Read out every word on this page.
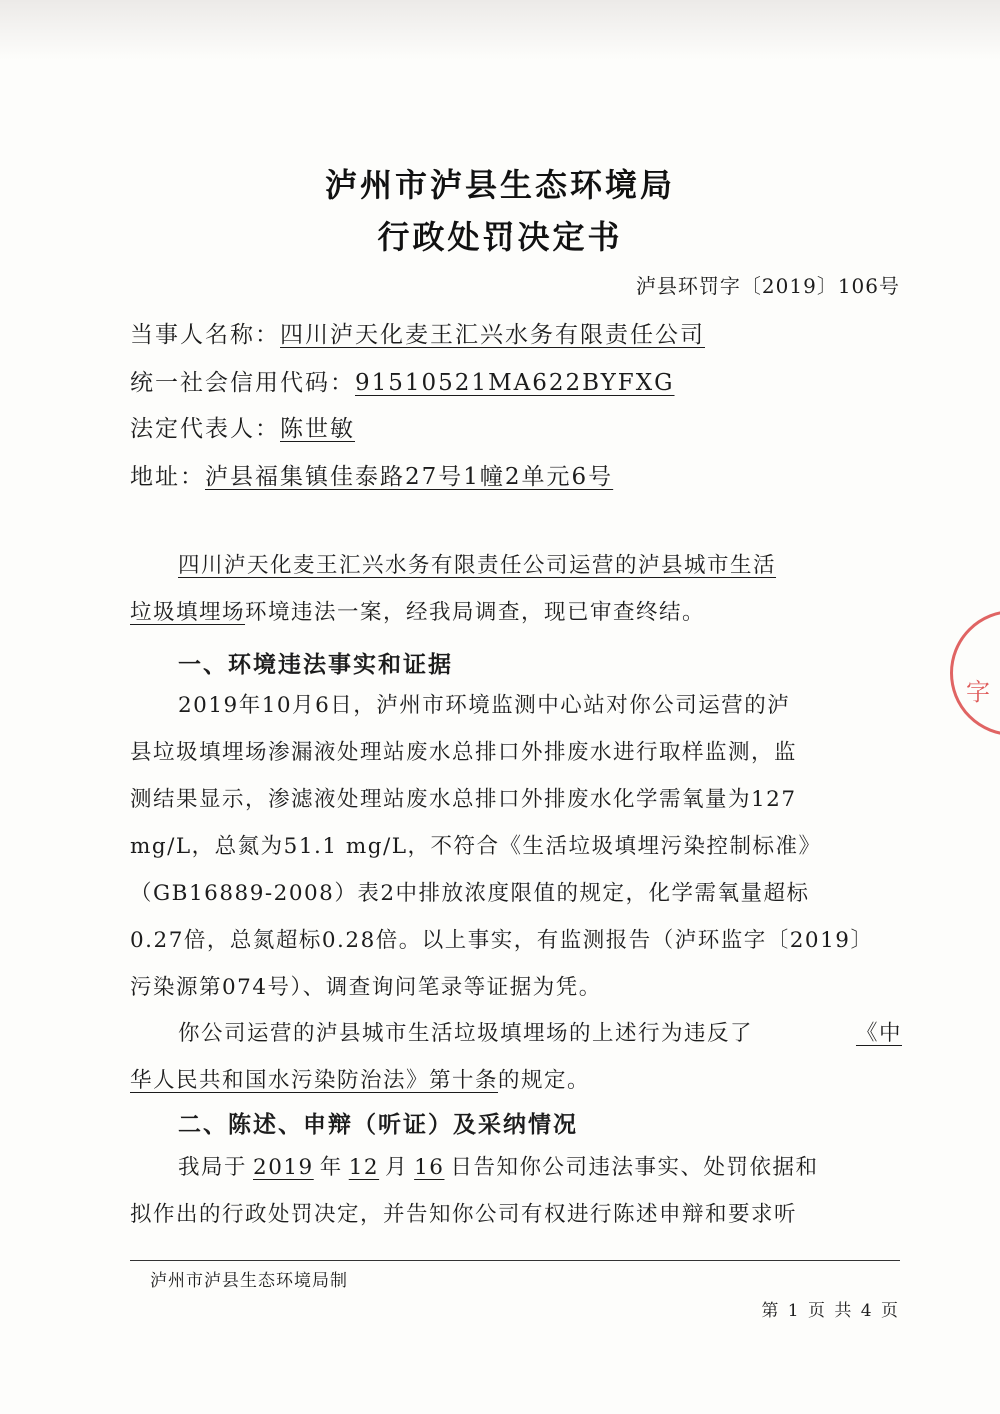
泸州市泸县生态环境局
行政处罚决定书
泸县环罚字〔2019〕106号
当事人名称：四川泸天化麦王汇兴水务有限责任公司
统一社会信用代码：91510521MA622BYFXG
法定代表人：陈世敏
地址：泸县福集镇佳泰路27号1幢2单元6号
四川泸天化麦王汇兴水务有限责任公司运营的泸县城市生活
垃圾填埋场 环境违法一案，经我局调查，现已审查终结。
一、环境违法事实和证据
2019年10月6日，泸州市环境监测中心站对你公司运营的泸
县垃圾填埋场渗漏液处理站废水总排口外排废水进行取样监测，监
测结果显示，渗滤液处理站废水总排口外排废水化学需氧量为127
mg/L，总氮为51.1 mg/L，不符合《生活垃圾填埋污染控制标准》
（GB16889-2008）表2中排放浓度限值的规定，化学需氧量超标
0.27倍，总氮超标0.28倍。以上事实，有监测报告（泸环监字〔2019〕
污染源第074号）、调查询问笔录等证据为凭。
你公司运营的泸县城市生活垃圾填埋场的上述行为违反了	《中
华人民共和国水污染防治法》第十条 的规定。
二、陈述、申辩（听证）及采纳情况
我局于 2019 年 12 月 16 日告知你公司违法事实、处罚依据和
拟作出的行政处罚决定，并告知你公司有权进行陈述申辩和要求听
泸州市泸县生态环境局制
第 1 页 共 4 页
字
